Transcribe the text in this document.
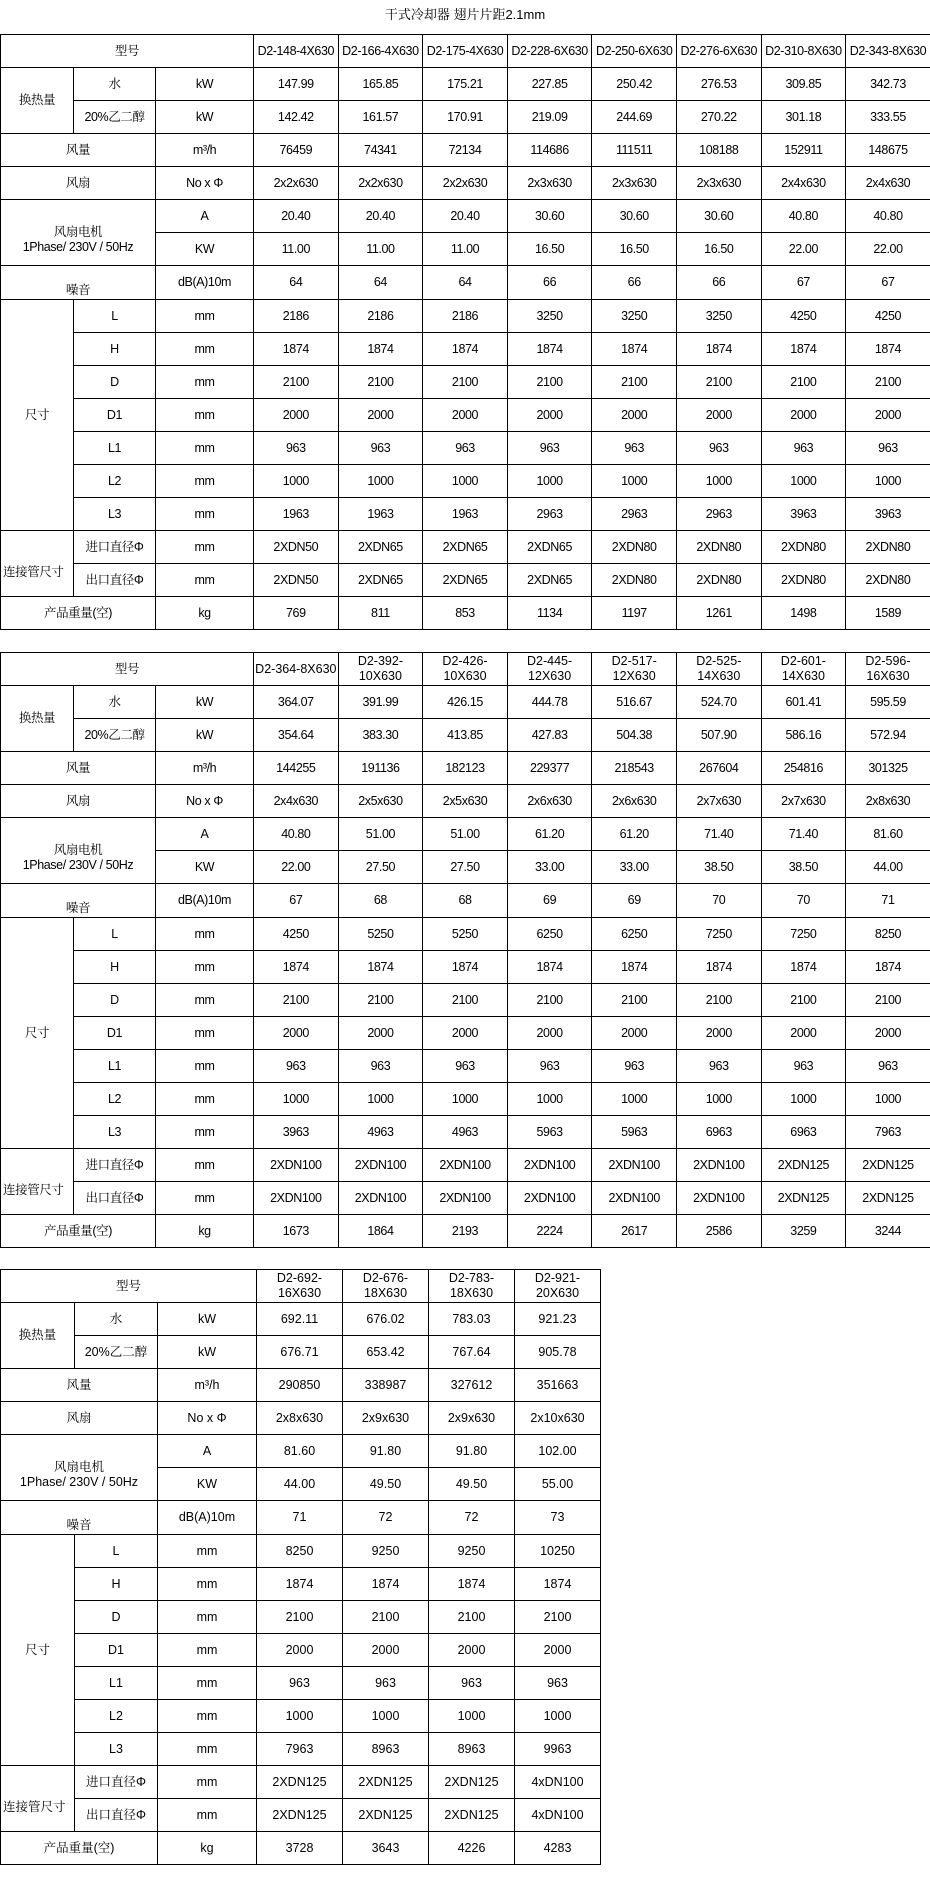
干式冷却器 翅片片距2.1mm
型号			D2-148-4X630	D2-166-4X630	D2-175-4X630	D2-228-6X630	D2-250-6X630	D2-276-6X630	D2-310-8X630	D2-343-8X630
换热量	水	kW	147.99	165.85	175.21	227.85	250.42	276.53	309.85	342.73
	20%乙二醇	kW	142.42	161.57	170.91	219.09	244.69	270.22	301.18	333.55
风量		m³/h	76459	74341	72134	114686	111511	108188	152911	148675
风扇		No x Φ	2x2x630	2x2x630	2x2x630	2x3x630	2x3x630	2x3x630	2x4x630	2x4x630

风扇电机
1Phase/ 230V / 50Hz		A	20.40	20.40	20.40	30.60	30.60	30.60	40.80	40.80
		KW	11.00	11.00	11.00	16.50	16.50	16.50	22.00	22.00
噪音		dB(A)10m	64	64	64	66	66	66	67	67
尺寸	L	mm	2186	2186	2186	3250	3250	3250	4250	4250
	H	mm	1874	1874	1874	1874	1874	1874	1874	1874
	D	mm	2100	2100	2100	2100	2100	2100	2100	2100
	D1	mm	2000	2000	2000	2000	2000	2000	2000	2000
	L1	mm	963	963	963	963	963	963	963	963
	L2	mm	1000	1000	1000	1000	1000	1000	1000	1000
	L3	mm	1963	1963	1963	2963	2963	2963	3963	3963
连接管尺寸	进口直径Φ	mm	2XDN50	2XDN65	2XDN65	2XDN65	2XDN80	2XDN80	2XDN80	2XDN80
	出口直径Φ	mm	2XDN50	2XDN65	2XDN65	2XDN65	2XDN80	2XDN80	2XDN80	2XDN80
产品重量(空)		kg	769	811	853	1134	1197	1261	1498	1589
型号			D2-364-8X630	D2-392-10X630	D2-426-10X630	D2-445-12X630	D2-517-12X630	D2-525-14X630	D2-601-14X630	D2-596-16X630
换热量	水	kW	364.07	391.99	426.15	444.78	516.67	524.70	601.41	595.59
	20%乙二醇	kW	354.64	383.30	413.85	427.83	504.38	507.90	586.16	572.94
风量		m³/h	144255	191136	182123	229377	218543	267604	254816	301325
风扇		No x Φ	2x4x630	2x5x630	2x5x630	2x6x630	2x6x630	2x7x630	2x7x630	2x8x630

风扇电机
1Phase/ 230V / 50Hz		A	40.80	51.00	51.00	61.20	61.20	71.40	71.40	81.60
		KW	22.00	27.50	27.50	33.00	33.00	38.50	38.50	44.00
噪音		dB(A)10m	67	68	68	69	69	70	70	71
尺寸	L	mm	4250	5250	5250	6250	6250	7250	7250	8250
	H	mm	1874	1874	1874	1874	1874	1874	1874	1874
	D	mm	2100	2100	2100	2100	2100	2100	2100	2100
	D1	mm	2000	2000	2000	2000	2000	2000	2000	2000
	L1	mm	963	963	963	963	963	963	963	963
	L2	mm	1000	1000	1000	1000	1000	1000	1000	1000
	L3	mm	3963	4963	4963	5963	5963	6963	6963	7963
连接管尺寸	进口直径Φ	mm	2XDN100	2XDN100	2XDN100	2XDN100	2XDN100	2XDN100	2XDN125	2XDN125
	出口直径Φ	mm	2XDN100	2XDN100	2XDN100	2XDN100	2XDN100	2XDN100	2XDN125	2XDN125
产品重量(空)		kg	1673	1864	2193	2224	2617	2586	3259	3244
型号			D2-692-16X630	D2-676-18X630	D2-783-18X630	D2-921-20X630
换热量	水	kW	692.11	676.02	783.03	921.23
	20%乙二醇	kW	676.71	653.42	767.64	905.78
风量		m³/h	290850	338987	327612	351663
风扇		No x Φ	2x8x630	2x9x630	2x9x630	2x10x630

风扇电机
1Phase/ 230V / 50Hz		A	81.60	91.80	91.80	102.00
		KW	44.00	49.50	49.50	55.00
噪音		dB(A)10m	71	72	72	73
尺寸	L	mm	8250	9250	9250	10250
	H	mm	1874	1874	1874	1874
	D	mm	2100	2100	2100	2100
	D1	mm	2000	2000	2000	2000
	L1	mm	963	963	963	963
	L2	mm	1000	1000	1000	1000
	L3	mm	7963	8963	8963	9963
连接管尺寸	进口直径Φ	mm	2XDN125	2XDN125	2XDN125	4xDN100
	出口直径Φ	mm	2XDN125	2XDN125	2XDN125	4xDN100
产品重量(空)		kg	3728	3643	4226	4283
